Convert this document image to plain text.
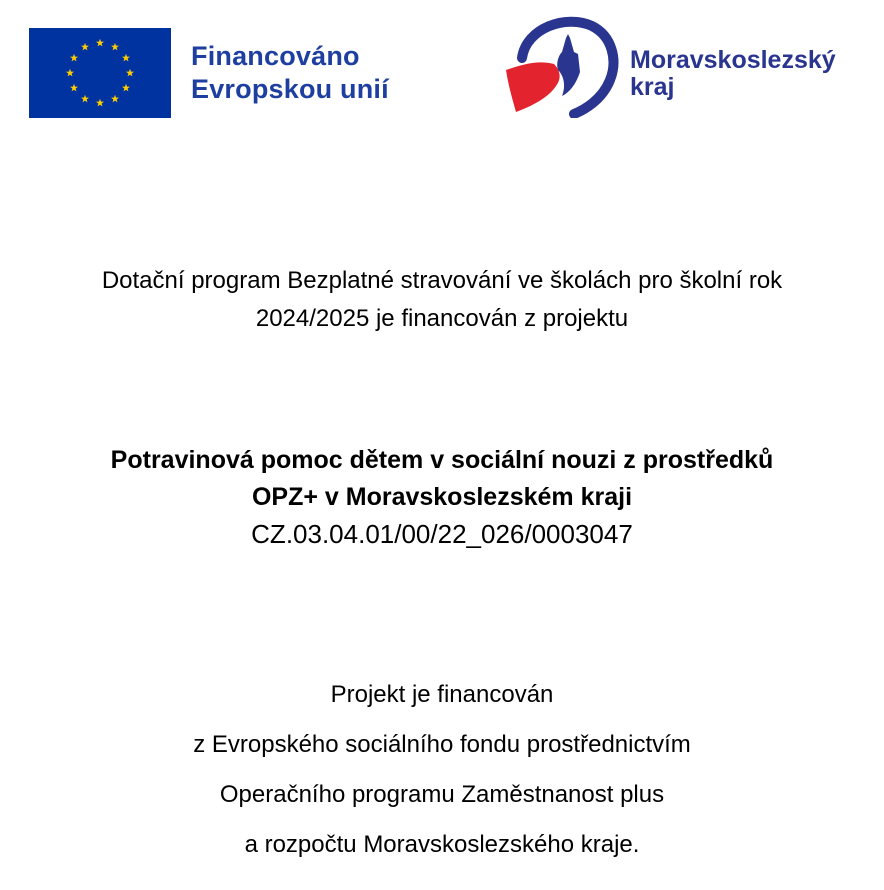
Financováno
Evropskou unií
Moravskoslezský
kraj
Dotační program Bezplatné stravování ve školách pro školní rok
2024/2025 je financován z projektu
Potravinová pomoc dětem v sociální nouzi z prostředků
OPZ+ v Moravskoslezském kraji
CZ.03.04.01/00/22_026/0003047
Projekt je financován
z Evropského sociálního fondu prostřednictvím
Operačního programu Zaměstnanost plus
a rozpočtu Moravskoslezského kraje.
